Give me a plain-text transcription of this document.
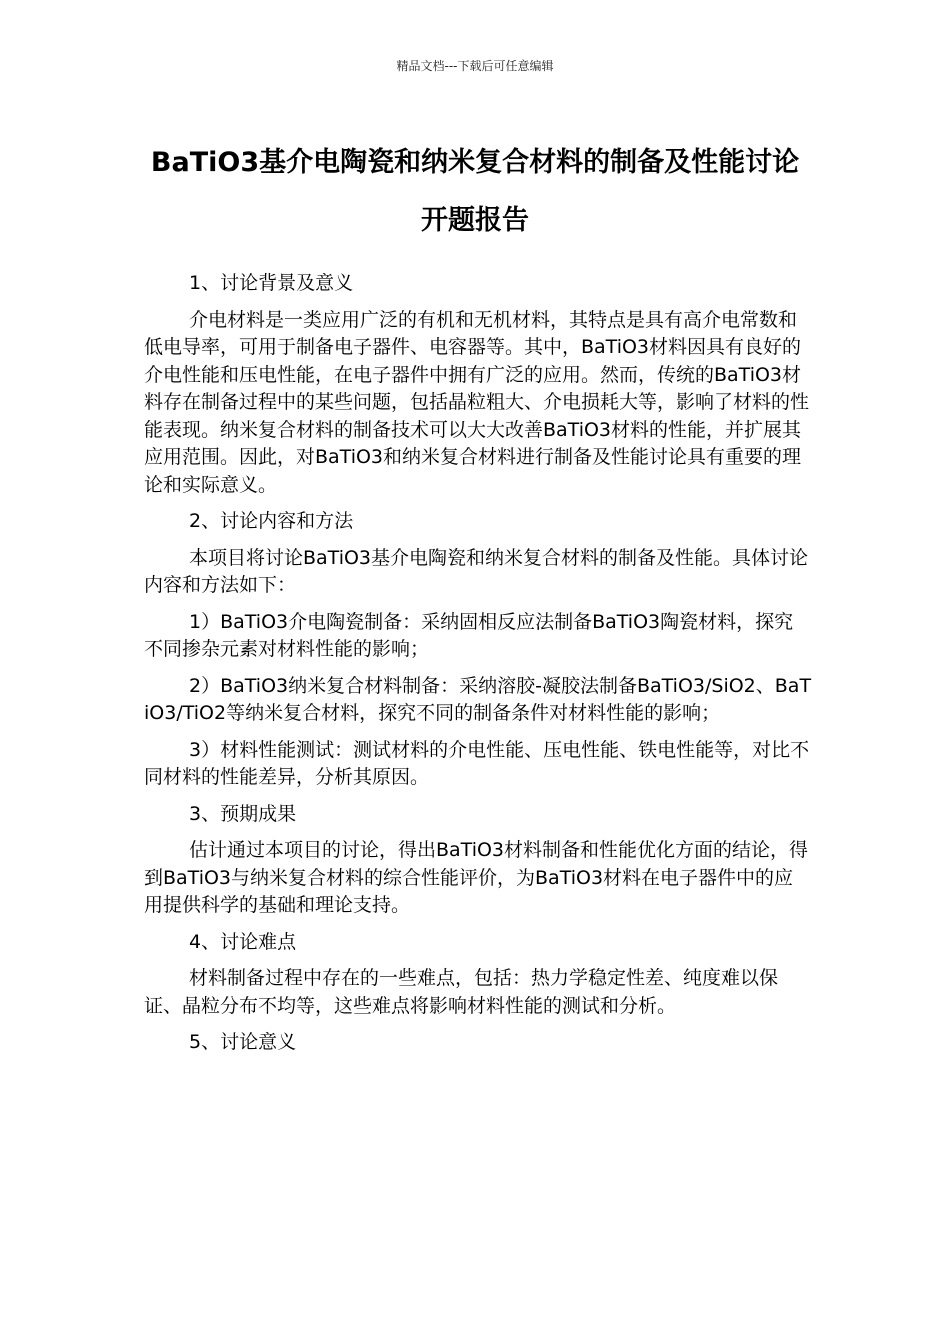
精品文档---下载后可任意编辑
BaTiO3基介电陶瓷和纳米复合材料的制备及性能讨论开题报告

1、讨论背景及意义

介电材料是一类应用广泛的有机和无机材料，其特点是具有高介电常数和低电导率，可用于制备电子器件、电容器等。其中，BaTiO3材料因具有良好的介电性能和压电性能，在电子器件中拥有广泛的应用。然而，传统的BaTiO3材料存在制备过程中的某些问题，包括晶粒粗大、介电损耗大等，影响了材料的性能表现。纳米复合材料的制备技术可以大大改善BaTiO3材料的性能，并扩展其应用范围。因此，对BaTiO3和纳米复合材料进行制备及性能讨论具有重要的理论和实际意义。

2、讨论内容和方法

本项目将讨论BaTiO3基介电陶瓷和纳米复合材料的制备及性能。具体讨论内容和方法如下：

1）BaTiO3介电陶瓷制备：采纳固相反应法制备BaTiO3陶瓷材料，探究不同掺杂元素对材料性能的影响；

2）BaTiO3纳米复合材料制备：采纳溶胶-凝胶法制备BaTiO3/SiO2、BaTiO3/TiO2等纳米复合材料，探究不同的制备条件对材料性能的影响；

3）材料性能测试：测试材料的介电性能、压电性能、铁电性能等，对比不同材料的性能差异，分析其原因。

3、预期成果

估计通过本项目的讨论，得出BaTiO3材料制备和性能优化方面的结论，得到BaTiO3与纳米复合材料的综合性能评价，为BaTiO3材料在电子器件中的应用提供科学的基础和理论支持。

4、讨论难点

材料制备过程中存在的一些难点，包括：热力学稳定性差、纯度难以保证、晶粒分布不均等，这些难点将影响材料性能的测试和分析。

5、讨论意义
